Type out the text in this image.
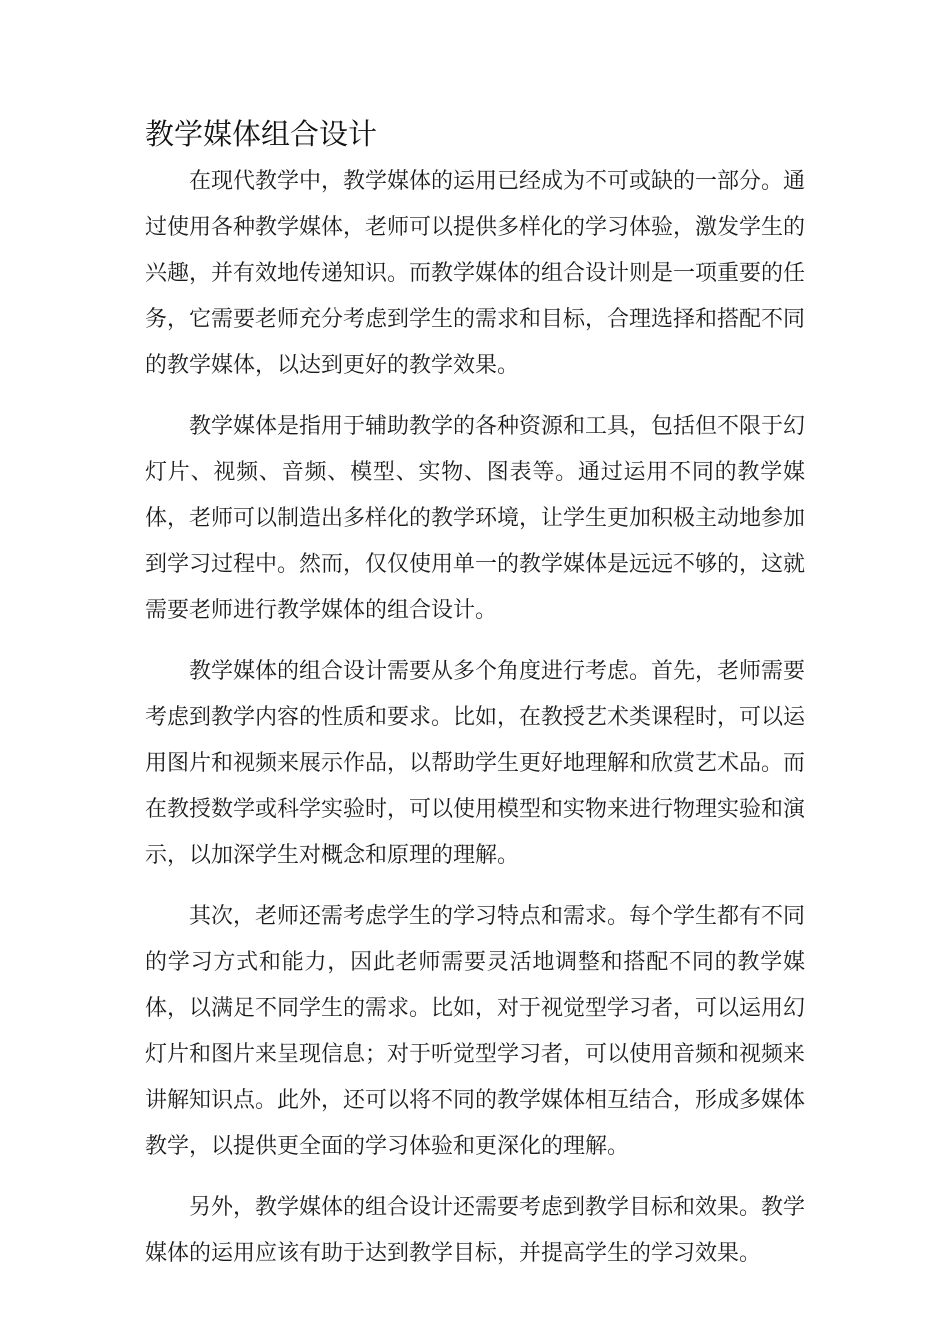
教学媒体组合设计

在现代教学中，教学媒体的运用已经成为不可或缺的一部分。通过使用各种教学媒体，老师可以提供多样化的学习体验，激发学生的兴趣，并有效地传递知识。而教学媒体的组合设计则是一项重要的任务，它需要老师充分考虑到学生的需求和目标，合理选择和搭配不同的教学媒体，以达到更好的教学效果。

教学媒体是指用于辅助教学的各种资源和工具，包括但不限于幻灯片、视频、音频、模型、实物、图表等。通过运用不同的教学媒体，老师可以制造出多样化的教学环境，让学生更加积极主动地参加到学习过程中。然而，仅仅使用单一的教学媒体是远远不够的，这就需要老师进行教学媒体的组合设计。

教学媒体的组合设计需要从多个角度进行考虑。首先，老师需要考虑到教学内容的性质和要求。比如，在教授艺术类课程时，可以运用图片和视频来展示作品，以帮助学生更好地理解和欣赏艺术品。而在教授数学或科学实验时，可以使用模型和实物来进行物理实验和演示，以加深学生对概念和原理的理解。

其次，老师还需考虑学生的学习特点和需求。每个学生都有不同的学习方式和能力，因此老师需要灵活地调整和搭配不同的教学媒体，以满足不同学生的需求。比如，对于视觉型学习者，可以运用幻灯片和图片来呈现信息；对于听觉型学习者，可以使用音频和视频来讲解知识点。此外，还可以将不同的教学媒体相互结合，形成多媒体教学，以提供更全面的学习体验和更深化的理解。

另外，教学媒体的组合设计还需要考虑到教学目标和效果。教学媒体的运用应该有助于达到教学目标，并提高学生的学习效果。
